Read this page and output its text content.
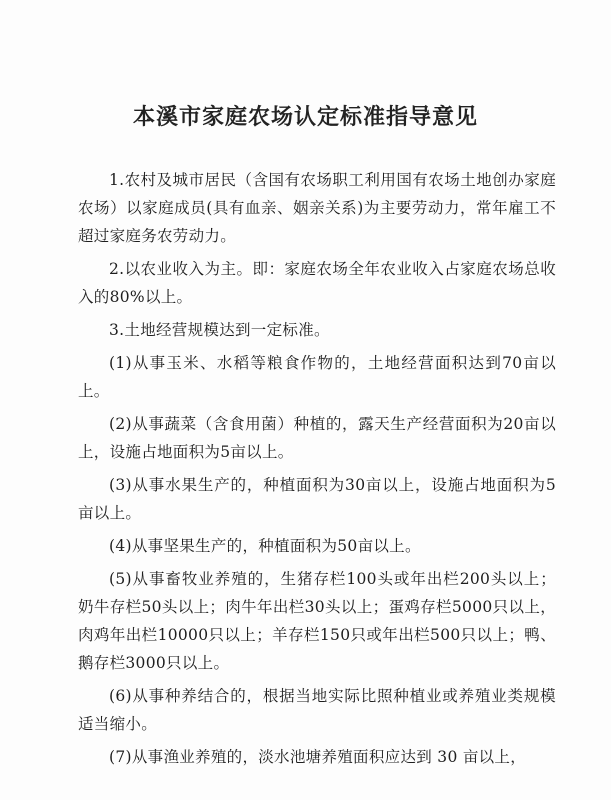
本溪市家庭农场认定标准指导意见

1.农村及城市居民（含国有农场职工利用国有农场土地创办家庭农场）以家庭成员(具有血亲、姻亲关系)为主要劳动力，常年雇工不超过家庭务农劳动力。

2.以农业收入为主。即：家庭农场全年农业收入占家庭农场总收入的80%以上。

3.土地经营规模达到一定标准。

(1)从事玉米、水稻等粮食作物的，土地经营面积达到70亩以上。

(2)从事蔬菜（含食用菌）种植的，露天生产经营面积为20亩以上，设施占地面积为5亩以上。

(3)从事水果生产的，种植面积为30亩以上，设施占地面积为5亩以上。

(4)从事坚果生产的，种植面积为50亩以上。

(5)从事畜牧业养殖的，生猪存栏100头或年出栏200头以上；奶牛存栏50头以上；肉牛年出栏30头以上；蛋鸡存栏5000只以上，肉鸡年出栏10000只以上；羊存栏150只或年出栏500只以上；鸭、鹅存栏3000只以上。

(6)从事种养结合的，根据当地实际比照种植业或养殖业类规模适当缩小。

(7)从事渔业养殖的，淡水池塘养殖面积应达到 30 亩以上，
